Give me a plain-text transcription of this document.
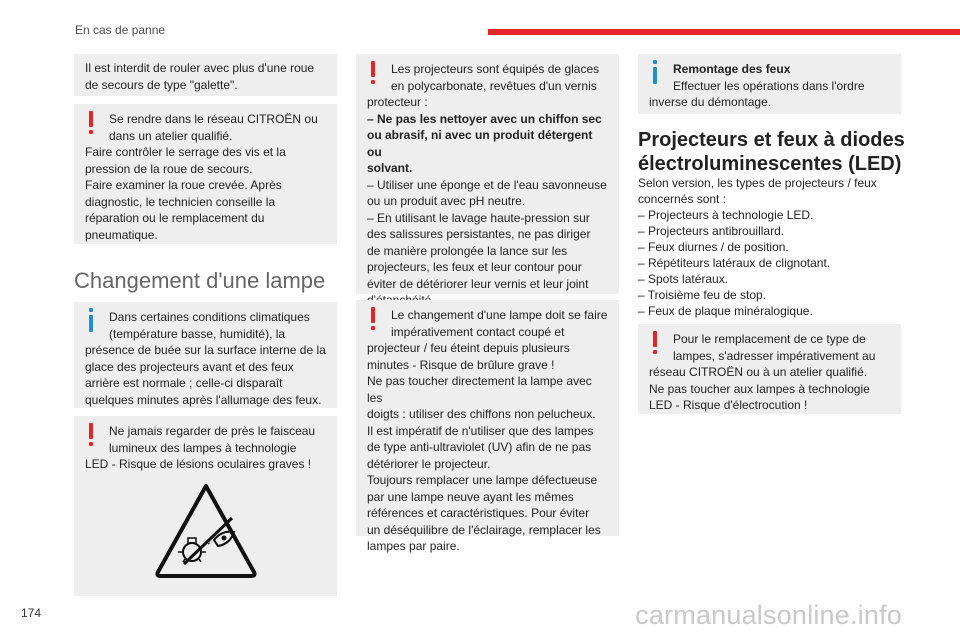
En cas de panne

Il est interdit de rouler avec plus d'une roue

de secours de type "galette".

Se rendre dans le réseau CITROËN ou

dans un atelier qualifié.

Faire contrôler le serrage des vis et la

pression de la roue de secours.

Faire examiner la roue crevée. Après

diagnostic, le technicien conseille la

réparation ou le remplacement du

pneumatique.

Changement d'une lampe

Dans certaines conditions climatiques

(température basse, humidité), la

présence de buée sur la surface interne de la

glace des projecteurs avant et des feux

arrière est normale ; celle-ci disparaît

quelques minutes après l'allumage des feux.

Ne jamais regarder de près le faisceau

lumineux des lampes à technologie

LED - Risque de lésions oculaires graves !

Les projecteurs sont équipés de glaces

en polycarbonate, revêtues d'un vernis

protecteur :

– Ne pas les nettoyer avec un chiffon sec

ou abrasif, ni avec un produit détergent ou

solvant.

– Utiliser une éponge et de l'eau savonneuse

ou un produit avec pH neutre.

– En utilisant le lavage haute-pression sur

des salissures persistantes, ne pas diriger

de manière prolongée la lance sur les

projecteurs, les feux et leur contour pour

éviter de détériorer leur vernis et leur joint

Le changement d'une lampe doit se faire

impérativement contact coupé et

projecteur / feu éteint depuis plusieurs

minutes - Risque de brûlure grave !

Ne pas toucher directement la lampe avec les

doigts : utiliser des chiffons non pelucheux.

Il est impératif de n'utiliser que des lampes

de type anti-ultraviolet (UV) afin de ne pas

détériorer le projecteur.

Toujours remplacer une lampe défectueuse

par une lampe neuve ayant les mêmes

références et caractéristiques. Pour éviter

un déséquilibre de l'éclairage, remplacer les

lampes par paire.

Remontage des feux

Effectuer les opérations dans l'ordre

inverse du démontage.

Projecteurs et feux à diodes
électroluminescentes (LED)

Selon version, les types de projecteurs / feux

concernés sont :

– Projecteurs à technologie LED.

– Projecteurs antibrouillard.

– Feux diurnes / de position.

– Répétiteurs latéraux de clignotant.

– Spots latéraux.

– Troisième feu de stop.

– Feux de plaque minéralogique.

Pour le remplacement de ce type de

lampes, s'adresser impérativement au

réseau CITROËN ou à un atelier qualifié.

Ne pas toucher aux lampes à technologie

LED - Risque d'électrocution !

174	carmanualsonline.info
